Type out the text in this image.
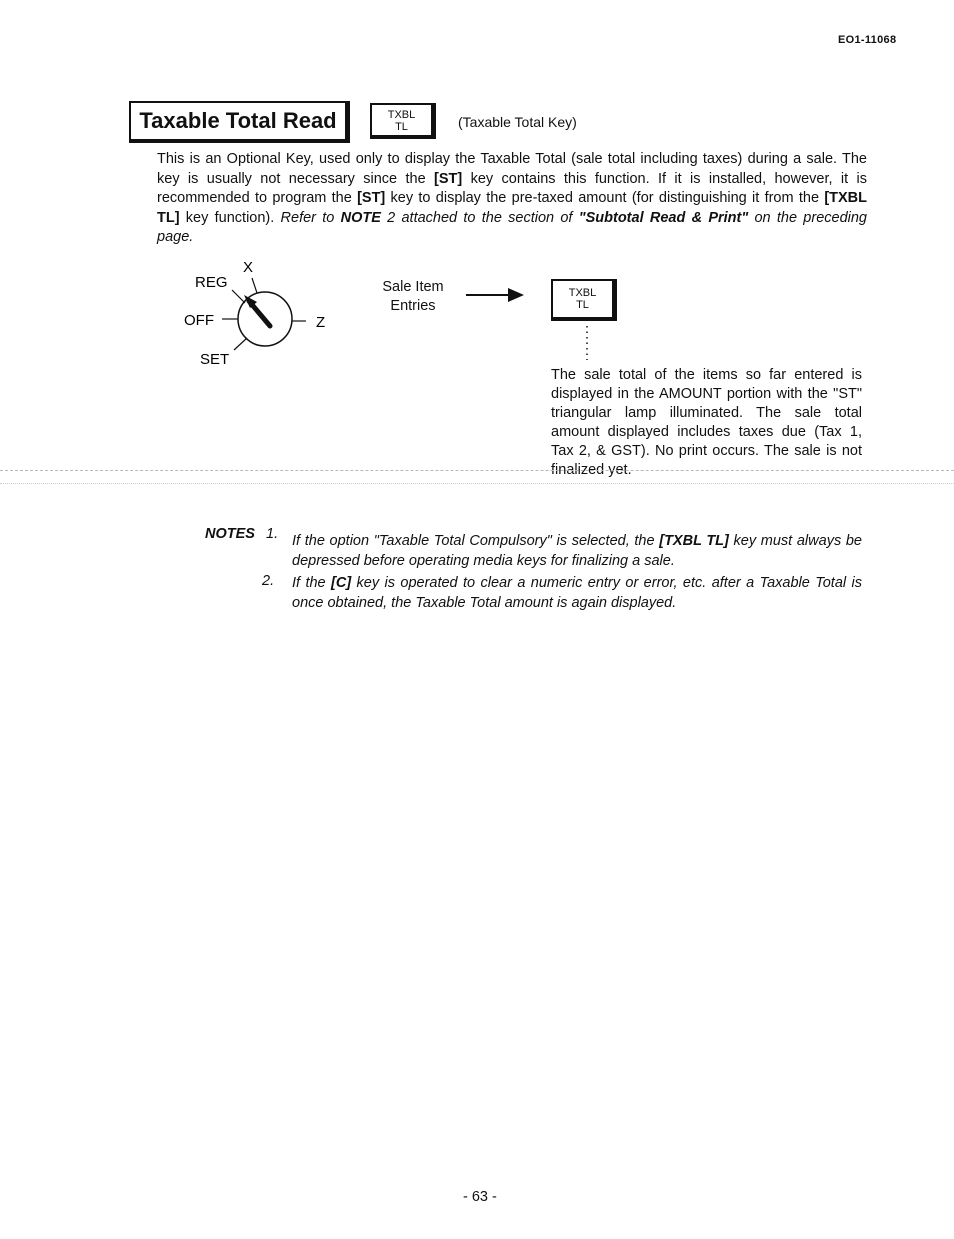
EO1-11068
Taxable Total Read	TXBL
TL	(Taxable Total Key)
This is an Optional Key, used only to display the Taxable Total (sale total including taxes) during a sale. The key is usually not necessary since the [ST] key contains this function. If it is installed, however, it is recommended to program the [ST] key to display the pre-taxed amount (for distinguishing it from the [TXBL TL] key function). Refer to NOTE 2 attached to the section of "Subtotal Read & Print" on the preceding page.
X
REG
OFF	Z
SET
Sale Item
Entries
TXBL
TL
The sale total of the items so far entered is displayed in the AMOUNT portion with the "ST" triangular lamp illuminated. The sale total amount displayed includes taxes due (Tax 1, Tax 2, & GST). No print occurs. The sale is not finalized yet.
NOTES 1. If the option "Taxable Total Compulsory" is selected, the [TXBL TL] key must always be depressed before operating media keys for finalizing a sale.
2. If the [C] key is operated to clear a numeric entry or error, etc. after a Taxable Total is once obtained, the Taxable Total amount is again displayed.
- 63 -
